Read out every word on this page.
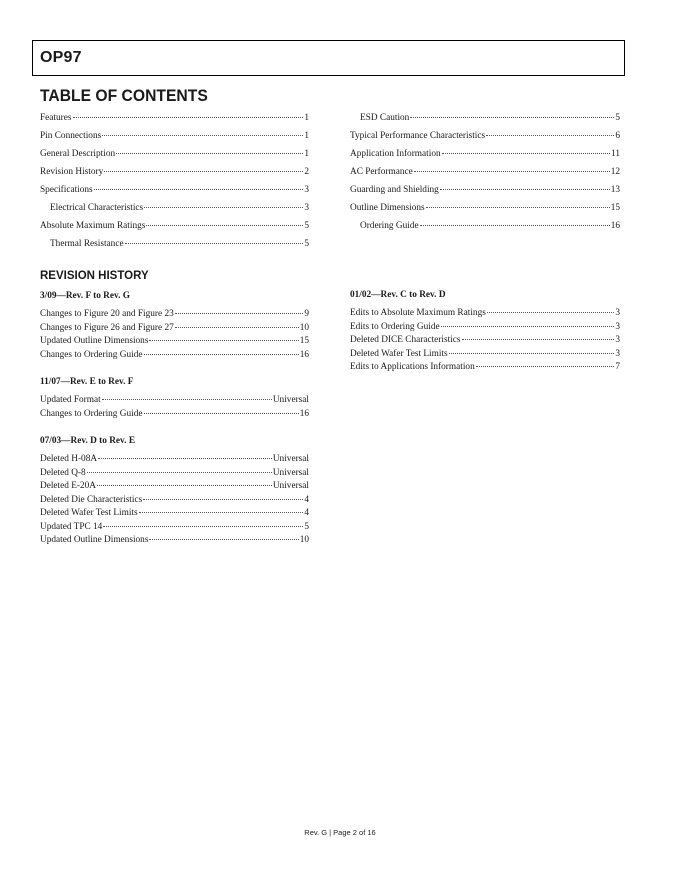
OP97
TABLE OF CONTENTS
Features	1
Pin Connections	1
General Description	1
Revision History	2
Specifications	3
Electrical Characteristics	3
Absolute Maximum Ratings	5
Thermal Resistance	5
ESD Caution	5
Typical Performance Characteristics	6
Application Information	11
AC Performance	12
Guarding and Shielding	13
Outline Dimensions	15
Ordering Guide	16
REVISION HISTORY
3/09—Rev. F to Rev. G
Changes to Figure 20 and Figure 23	9
Changes to Figure 26 and Figure 27	10
Updated Outline Dimensions	15
Changes to Ordering Guide	16
11/07—Rev. E to Rev. F
Updated Format	Universal
Changes to Ordering Guide	16
07/03—Rev. D to Rev. E
Deleted H-08A	Universal
Deleted Q-8	Universal
Deleted E-20A	Universal
Deleted Die Characteristics	4
Deleted Wafer Test Limits	4
Updated TPC 14	5
Updated Outline Dimensions	10
01/02—Rev. C to Rev. D
Edits to Absolute Maximum Ratings	3
Edits to Ordering Guide	3
Deleted DICE Characteristics	3
Deleted Wafer Test Limits	3
Edits to Applications Information	7
Rev. G | Page 2 of 16
